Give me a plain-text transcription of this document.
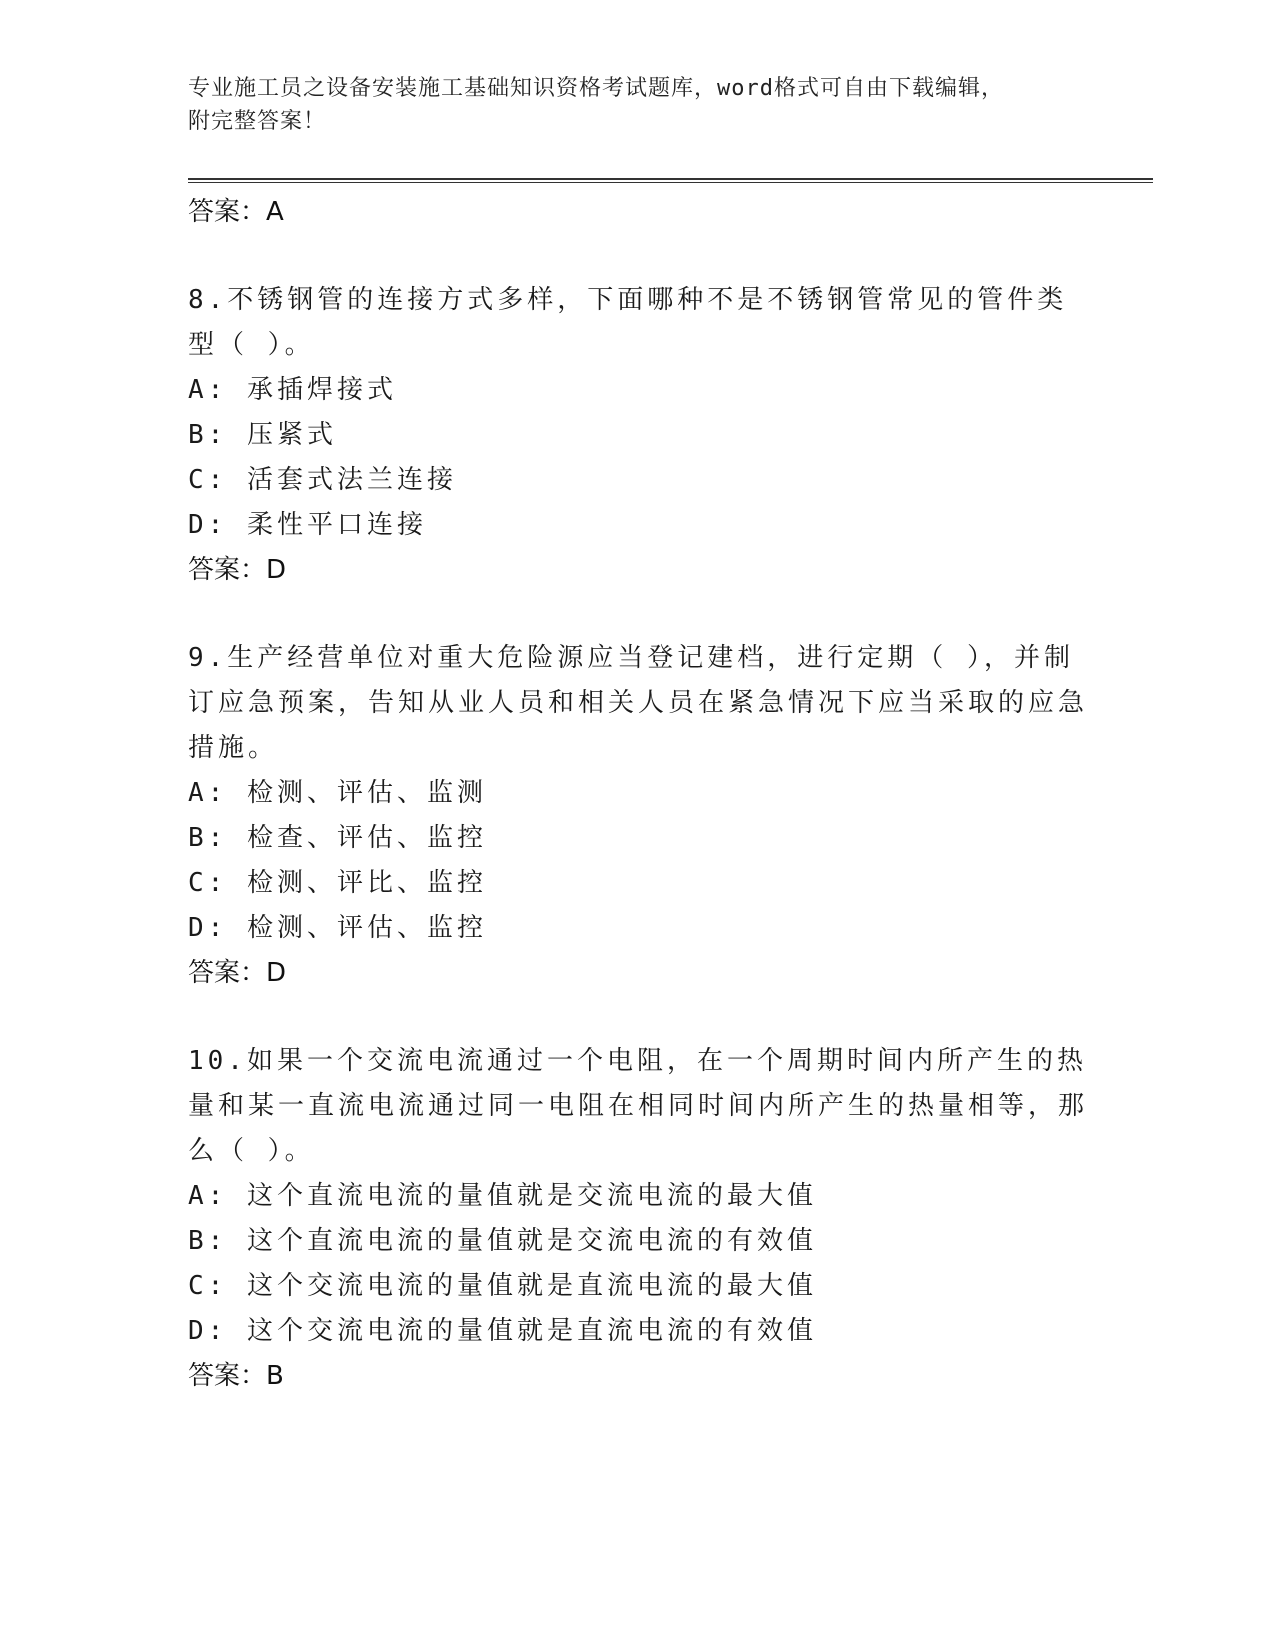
专业施工员之设备安装施工基础知识资格考试题库，word格式可自由下载编辑，
附完整答案！

答案：A

8.不锈钢管的连接方式多样，下面哪种不是不锈钢管常见的管件类型（ ）。

A: 承插焊接式

B: 压紧式

C: 活套式法兰连接

D: 柔性平口连接

答案：D

9.生产经营单位对重大危险源应当登记建档，进行定期（ ），并制订应急预案，告知从业人员和相关人员在紧急情况下应当采取的应急措施。

A: 检测、评估、监测

B: 检查、评估、监控

C: 检测、评比、监控

D: 检测、评估、监控

答案：D

10.如果一个交流电流通过一个电阻，在一个周期时间内所产生的热量和某一直流电流通过同一电阻在相同时间内所产生的热量相等，那么（ ）。

A: 这个直流电流的量值就是交流电流的最大值

B: 这个直流电流的量值就是交流电流的有效值

C: 这个交流电流的量值就是直流电流的最大值

D: 这个交流电流的量值就是直流电流的有效值

答案：B
